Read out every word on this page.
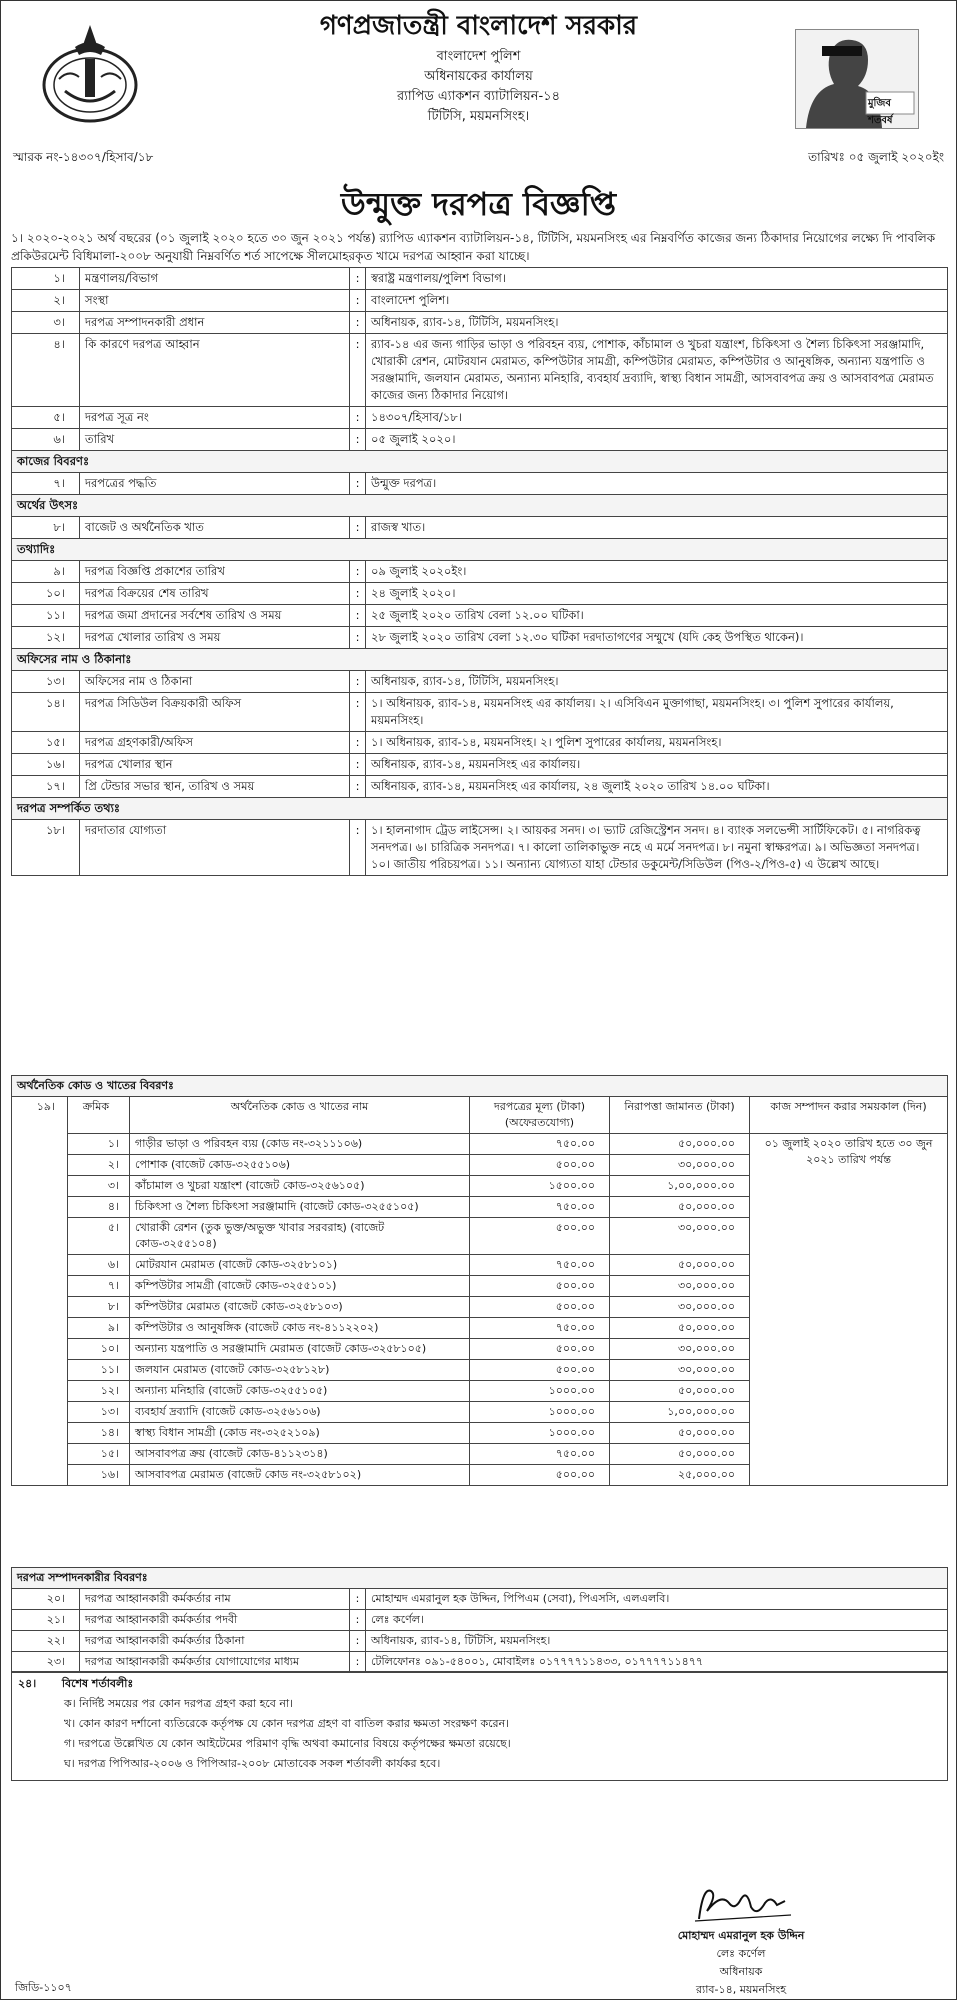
মুজিব শতবর্ষ
গণপ্রজাতন্ত্রী বাংলাদেশ সরকার
বাংলাদেশ পুলিশ
অধিনায়কের কার্যালয়
র‍্যাপিড এ্যাকশন ব্যাটালিয়ন-১৪
টিটিসি, ময়মনসিংহ।
স্মারক নং-১৪৩০৭/হিসাব/১৮	তারিখঃ ০৫ জুলাই ২০২০ইং
উন্মুক্ত দরপত্র বিজ্ঞপ্তি
১। ২০২০-২০২১ অর্থ বছরের (০১ জুলাই ২০২০ হতে ৩০ জুন ২০২১ পর্যন্ত) র‍্যাপিড এ্যাকশন ব্যাটালিয়ন-১৪, টিটিসি, ময়মনসিংহ এর নিম্নবর্ণিত কাজের জন্য ঠিকাদার নিয়োগের লক্ষ্যে দি পাবলিক প্রকিউরমেন্ট বিধিমালা-২০০৮ অনুযায়ী নিম্নবর্ণিত শর্ত সাপেক্ষে সীলমোহরকৃত খামে দরপত্র আহ্বান করা যাচ্ছে।
১।	মন্ত্রণালয়/বিভাগ	:	স্বরাষ্ট্র মন্ত্রণালয়/পুলিশ বিভাগ।
২।	সংস্থা	:	বাংলাদেশ পুলিশ।
৩।	দরপত্র সম্পাদনকারী প্রধান	:	অধিনায়ক, র‍্যাব-১৪, টিটিসি, ময়মনসিংহ।
৪।	কি কারণে দরপত্র আহ্বান	:	র‍্যাব-১৪ এর জন্য গাড়ির ভাড়া ও পরিবহন ব্যয়, পোশাক, কাঁচামাল ও খুচরা যন্ত্রাংশ, চিকিৎসা ও শৈল্য চিকিৎসা সরঞ্জামাদি, খোরাকী রেশন, মোটরযান মেরামত, কম্পিউটার সামগ্রী, কম্পিউটার মেরামত, কম্পিউটার ও আনুষঙ্গিক, অন্যান্য যন্ত্রপাতি ও সরঞ্জামাদি, জলযান মেরামত, অন্যান্য মনিহারি, ব্যবহার্য দ্রব্যাদি, স্বাস্থ্য বিধান সামগ্রী, আসবাবপত্র ক্রয় ও আসবাবপত্র মেরামত কাজের জন্য ঠিকাদার নিয়োগ।
৫।	দরপত্র সূত্র নং	:	১৪৩০৭/হিসাব/১৮।
৬।	তারিখ	:	০৫ জুলাই ২০২০।
কাজের বিবরণঃ			
৭।	দরপত্রের পদ্ধতি	:	উন্মুক্ত দরপত্র।
অর্থের উৎসঃ			
৮।	বাজেট ও অর্থনৈতিক খাত	:	রাজস্ব খাত।
তথ্যাদিঃ			
৯।	দরপত্র বিজ্ঞপ্তি প্রকাশের তারিখ	:	০৯ জুলাই ২০২০ইং।
১০।	দরপত্র বিক্রয়ের শেষ তারিখ	:	২৪ জুলাই ২০২০।
১১।	দরপত্র জমা প্রদানের সর্বশেষ তারিখ ও সময়	:	২৫ জুলাই ২০২০ তারিখ বেলা ১২.০০ ঘটিকা।
১২।	দরপত্র খোলার তারিখ ও সময়	:	২৮ জুলাই ২০২০ তারিখ বেলা ১২.৩০ ঘটিকা দরদাতাগণের সম্মুখে (যদি কেহ উপস্থিত থাকেন)।
অফিসের নাম ও ঠিকানাঃ			
১৩।	অফিসের নাম ও ঠিকানা	:	অধিনায়ক, র‍্যাব-১৪, টিটিসি, ময়মনসিংহ।
১৪।	দরপত্র সিডিউল বিক্রয়কারী অফিস	:	১। অধিনায়ক, র‍্যাব-১৪, ময়মনসিংহ এর কার্যালয়। ২। এসিবিএন মুক্তাগাছা, ময়মনসিংহ। ৩। পুলিশ সুপারের কার্যালয়, ময়মনসিংহ।
১৫।	দরপত্র গ্রহণকারী/অফিস	:	১। অধিনায়ক, র‍্যাব-১৪, ময়মনসিংহ। ২। পুলিশ সুপারের কার্যালয়, ময়মনসিংহ।
১৬।	দরপত্র খোলার স্থান	:	অধিনায়ক, র‍্যাব-১৪, ময়মনসিংহ এর কার্যালয়।
১৭।	প্রি টেন্ডার সভার স্থান, তারিখ ও সময়	:	অধিনায়ক, র‍্যাব-১৪, ময়মনসিংহ এর কার্যালয়, ২৪ জুলাই ২০২০ তারিখ ১৪.০০ ঘটিকা।
দরপত্র সম্পর্কিত তথ্যঃ			
১৮।	দরদাতার যোগ্যতা	:	১। হালনাগাদ ট্রেড লাইসেন্স। ২। আয়কর সনদ। ৩। ভ্যাট রেজিস্ট্রেশন সনদ। ৪। ব্যাংক সলভেন্সী সার্টিফিকেট। ৫। নাগরিকত্ব সনদপত্র। ৬। চারিত্রিক সনদপত্র। ৭। কালো তালিকাভুক্ত নহে এ মর্মে সনদপত্র। ৮। নমুনা স্বাক্ষরপত্র। ৯। অভিজ্ঞতা সনদপত্র। ১০। জাতীয় পরিচয়পত্র। ১১। অন্যান্য যোগ্যতা যাহা টেন্ডার ডকুমেন্ট/সিডিউল (পিও-২/পিও-৫) এ উল্লেখ আছে।
অর্থনৈতিক কোড ও খাতের বিবরণঃ					
১৯।	ক্রমিক	অর্থনৈতিক কোড ও খাতের নাম	দরপত্রের মূল্য (টাকা) (অফেরতযোগ্য)	নিরাপত্তা জামানত (টাকা)	কাজ সম্পাদন করার সময়কাল (দিন)
	১।	গাড়ীর ভাড়া ও পরিবহন ব্যয় (কোড নং-৩২১১১০৬)	৭৫০.০০	৫০,০০০.০০	০১ জুলাই ২০২০ তারিখ হতে ৩০ জুন ২০২১ তারিখ পর্যন্ত
	২।	পোশাক (বাজেট কোড-৩২৫৫১০৬)	৫০০.০০	৩০,০০০.০০	
	৩।	কাঁচামাল ও খুচরা যন্ত্রাংশ (বাজেট কোড-৩২৫৬১০৫)	১৫০০.০০	১,০০,০০০.০০	
	৪।	চিকিৎসা ও শৈল্য চিকিৎসা সরঞ্জামাদি (বাজেট কোড-৩২৫৫১০৫)	৭৫০.০০	৫০,০০০.০০	
	৫।	খোরাকী রেশন (তুক ভুক্ত/অভুক্ত খাবার সরবরাহ) (বাজেট কোড-৩২৫৫১০৪)	৫০০.০০	৩০,০০০.০০	
	৬।	মোটরযান মেরামত (বাজেট কোড-৩২৫৮১০১)	৭৫০.০০	৫০,০০০.০০	
	৭।	কম্পিউটার সামগ্রী (বাজেট কোড-৩২৫৫১০১)	৫০০.০০	৩০,০০০.০০	
	৮।	কম্পিউটার মেরামত (বাজেট কোড-৩২৫৮১০৩)	৫০০.০০	৩০,০০০.০০	
	৯।	কম্পিউটার ও আনুষঙ্গিক (বাজেট কোড নং-৪১১২২০২)	৭৫০.০০	৫০,০০০.০০	
	১০।	অন্যান্য যন্ত্রপাতি ও সরঞ্জামাদি মেরামত (বাজেট কোড-৩২৫৮১০৫)	৫০০.০০	৩০,০০০.০০	
	১১।	জলযান মেরামত (বাজেট কোড-৩২৫৮১২৮)	৫০০.০০	৩০,০০০.০০	
	১২।	অন্যান্য মনিহারি (বাজেট কোড-৩২৫৫১০৫)	১০০০.০০	৫০,০০০.০০	
	১৩।	ব্যবহার্য দ্রব্যাদি (বাজেট কোড-৩২৫৬১০৬)	১০০০.০০	১,০০,০০০.০০	
	১৪।	স্বাস্থ্য বিধান সামগ্রী (কোড নং-৩২৫২১০৯)	১০০০.০০	৫০,০০০.০০	
	১৫।	আসবাবপত্র ক্রয় (বাজেট কোড-৪১১২৩১৪)	৭৫০.০০	৫০,০০০.০০	
	১৬।	আসবাবপত্র মেরামত (বাজেট কোড নং-৩২৫৮১০২)	৫০০.০০	২৫,০০০.০০	
দরপত্র সম্পাদনকারীর বিবরণঃ			
২০।	দরপত্র আহ্বানকারী কর্মকর্তার নাম	:	মোহাম্মদ এমরানুল হক উদ্দিন, পিপিএম (সেবা), পিএসসি, এলএলবি।
২১।	দরপত্র আহ্বানকারী কর্মকর্তার পদবী	:	লেঃ কর্ণেল।
২২।	দরপত্র আহ্বানকারী কর্মকর্তার ঠিকানা	:	অধিনায়ক, র‍্যাব-১৪, টিটিসি, ময়মনসিংহ।
২৩।	দরপত্র আহ্বানকারী কর্মকর্তার যোগাযোগের মাধ্যম	:	টেলিফোনঃ ০৯১-৫৪০০১, মোবাইলঃ ০১৭৭৭৭১১৪৩৩, ০১৭৭৭৭১১৪৭৭
২৪। বিশেষ শর্তাবলীঃ
ক। নির্দিষ্ট সময়ের পর কোন দরপত্র গ্রহণ করা হবে না।
খ। কোন কারণ দর্শানো ব্যতিরেকে কর্তৃপক্ষ যে কোন দরপত্র গ্রহণ বা বাতিল করার ক্ষমতা সংরক্ষণ করেন।
গ। দরপত্রে উল্লেখিত যে কোন আইটেমের পরিমাণ বৃদ্ধি অথবা কমানোর বিষয়ে কর্তৃপক্ষের ক্ষমতা রয়েছে।
ঘ। দরপত্র পিপিআর-২০০৬ ও পিপিআর-২০০৮ মোতাবেক সকল শর্তাবলী কার্যকর হবে।
মোহাম্মদ এমরানুল হক উদ্দিন
লেঃ কর্ণেল
অধিনায়ক
র‍্যাব-১৪, ময়মনসিংহ
জিডি-১১০৭
